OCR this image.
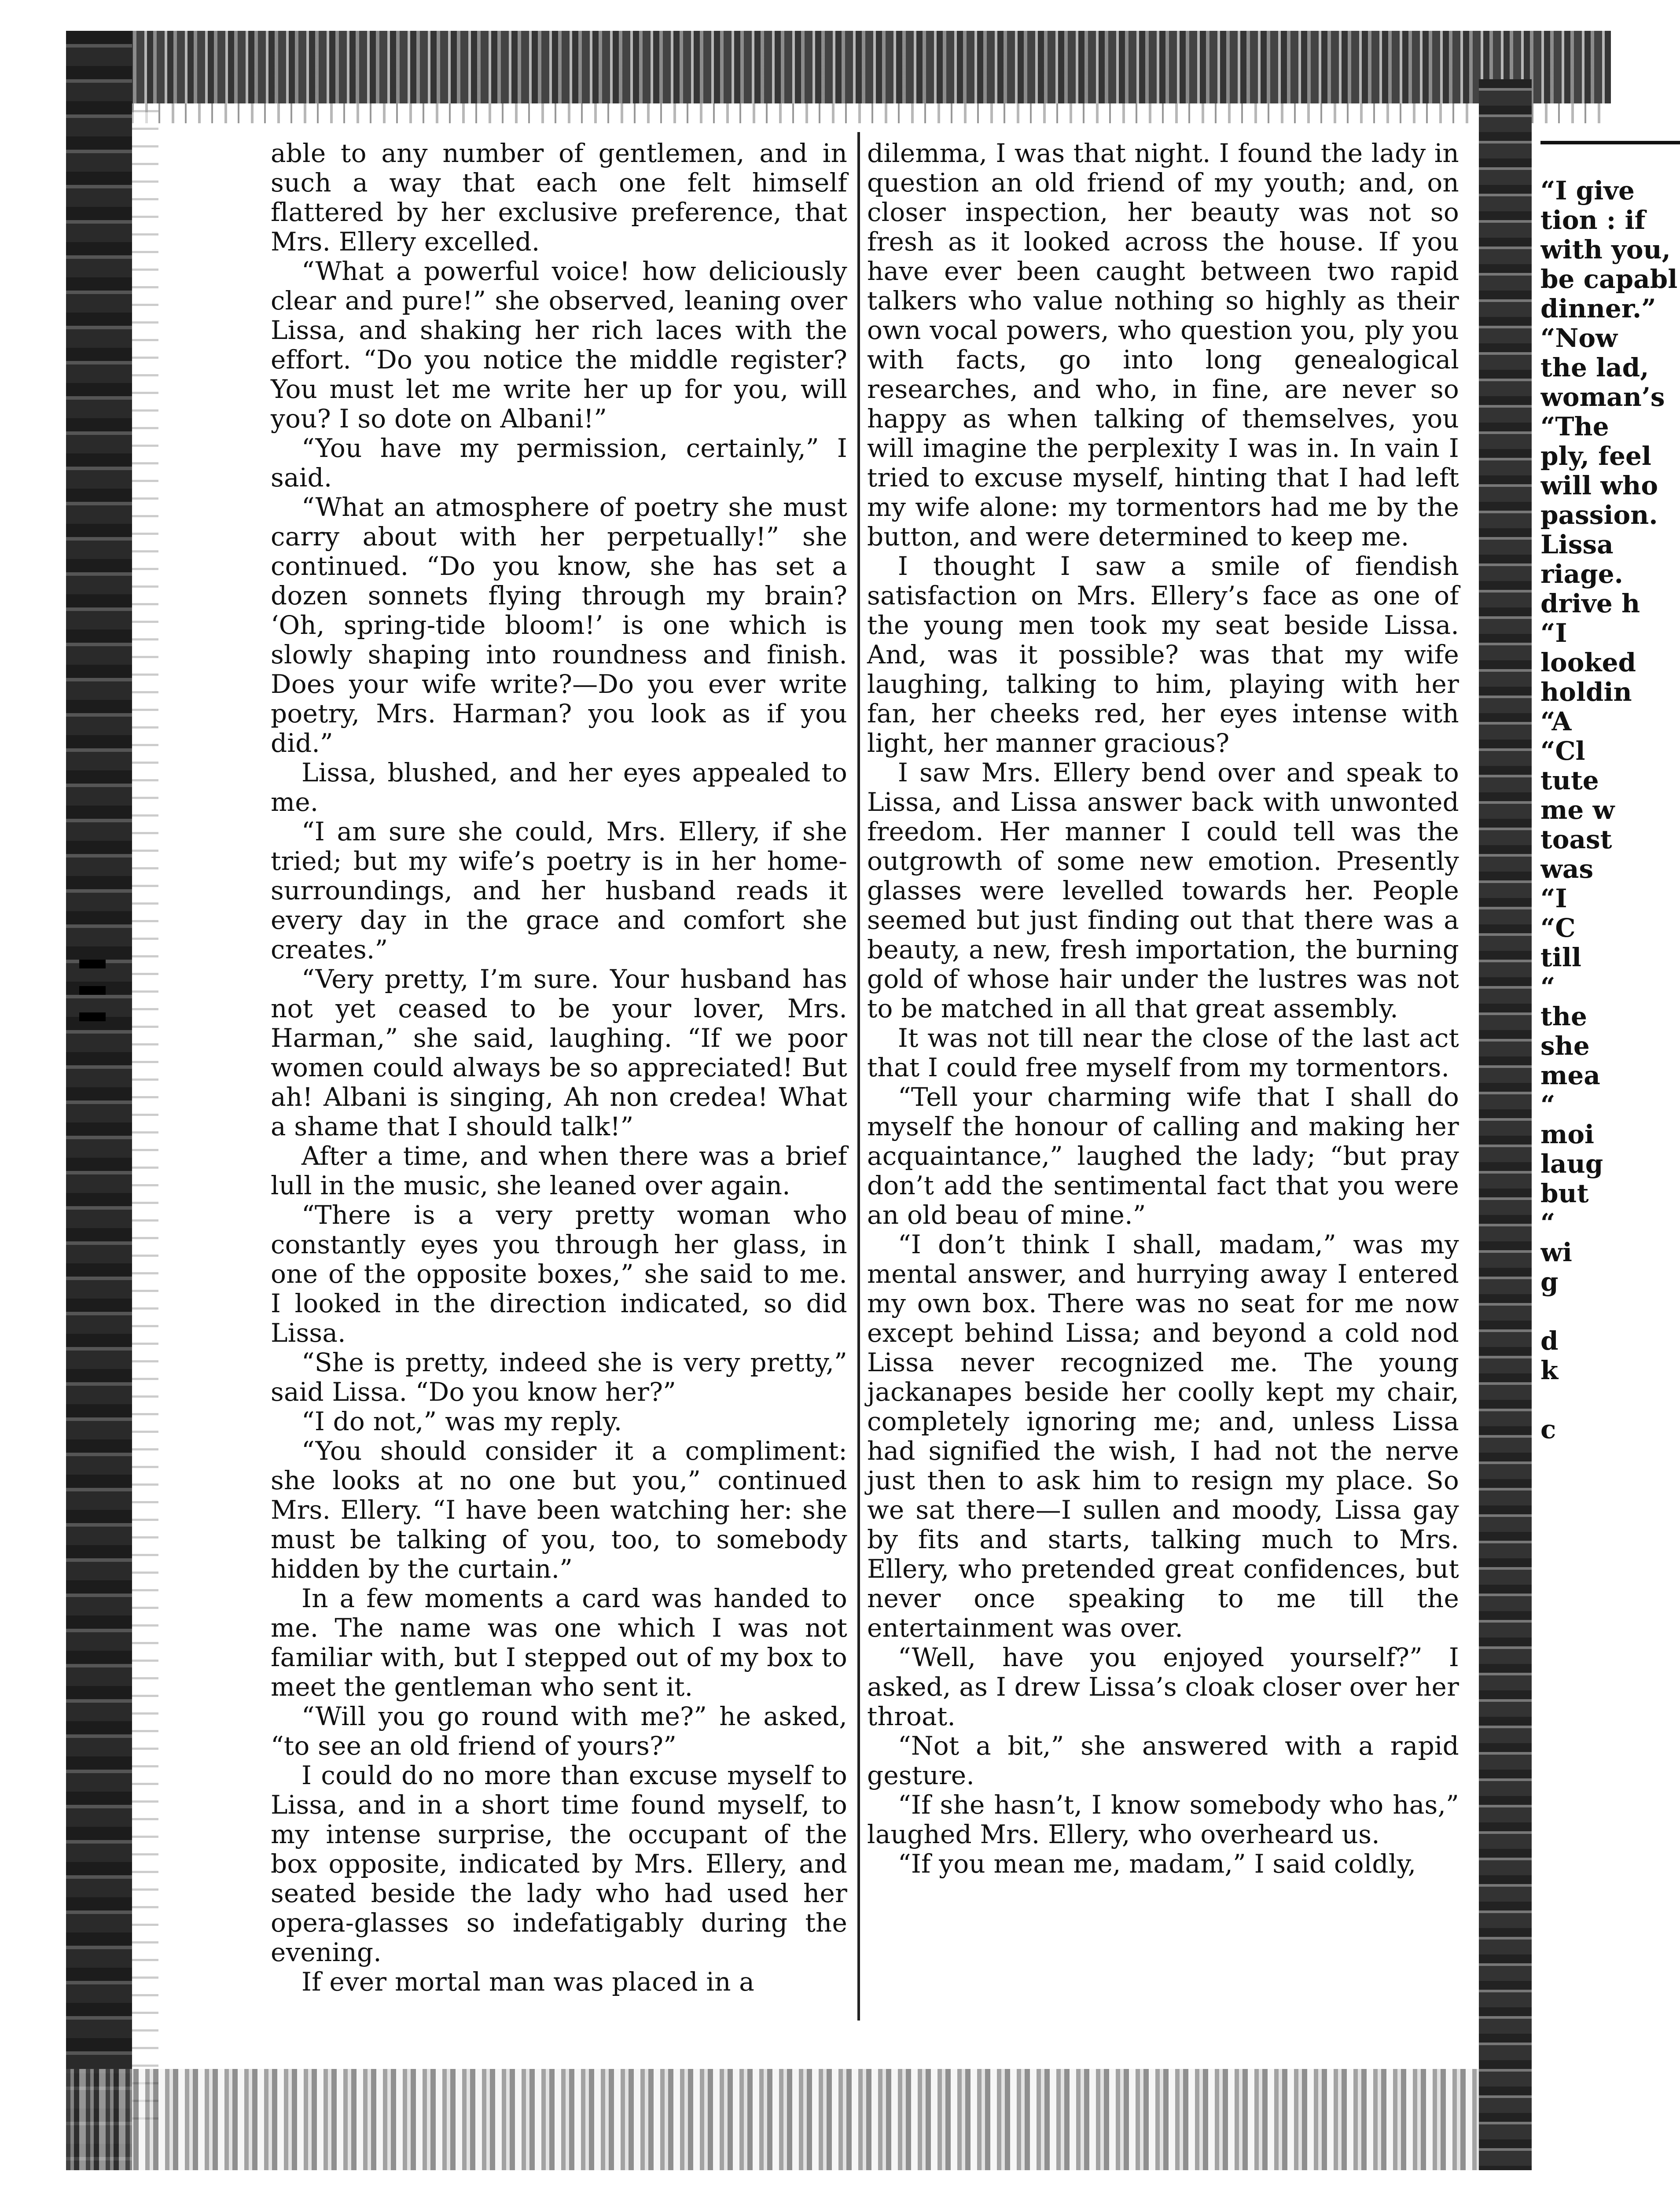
able to any number of gentlemen, and in such a way that each one felt himself flattered by her exclusive preference, that Mrs. Ellery excelled.

“What a powerful voice! how deliciously clear and pure!” she observed, leaning over Lissa, and shaking her rich laces with the effort. “Do you notice the middle register? You must let me write her up for you, will you? I so dote on Albani!”

“You have my permission, certainly,” I said.

“What an atmosphere of poetry she must carry about with her perpetually!” she continued. “Do you know, she has set a dozen sonnets flying through my brain? ‘Oh, spring-tide bloom!’ is one which is slowly shaping into roundness and finish. Does your wife write?—Do you ever write poetry, Mrs. Harman? you look as if you did.”

Lissa, blushed, and her eyes appealed to me.

“I am sure she could, Mrs. Ellery, if she tried; but my wife’s poetry is in her home-surroundings, and her husband reads it every day in the grace and comfort she creates.”

“Very pretty, I’m sure. Your husband has not yet ceased to be your lover, Mrs. Harman,” she said, laughing. “If we poor women could always be so appreciated! But ah! Albani is singing, Ah non credea! What a shame that I should talk!”

After a time, and when there was a brief lull in the music, she leaned over again.

“There is a very pretty woman who constantly eyes you through her glass, in one of the opposite boxes,” she said to me. I looked in the direction indicated, so did Lissa.

“She is pretty, indeed she is very pretty,” said Lissa. “Do you know her?”

“I do not,” was my reply.

“You should consider it a compliment: she looks at no one but you,” continued Mrs. Ellery. “I have been watching her: she must be talking of you, too, to somebody hidden by the curtain.”

In a few moments a card was handed to me. The name was one which I was not familiar with, but I stepped out of my box to meet the gentleman who sent it.

“Will you go round with me?” he asked, “to see an old friend of yours?”

I could do no more than excuse myself to Lissa, and in a short time found myself, to my intense surprise, the occupant of the box opposite, indicated by Mrs. Ellery, and seated beside the lady who had used her opera-glasses so indefatigably during the evening.

If ever mortal man was placed in a

dilemma, I was that night. I found the lady in question an old friend of my youth; and, on closer inspection, her beauty was not so fresh as it looked across the house. If you have ever been caught between two rapid talkers who value nothing so highly as their own vocal powers, who question you, ply you with facts, go into long genealogical researches, and who, in fine, are never so happy as when talking of themselves, you will imagine the perplexity I was in. In vain I tried to excuse myself, hinting that I had left my wife alone: my tormentors had me by the button, and were determined to keep me.

I thought I saw a smile of fiendish satisfaction on Mrs. Ellery’s face as one of the young men took my seat beside Lissa. And, was it possible? was that my wife laughing, talking to him, playing with her fan, her cheeks red, her eyes intense with light, her manner gracious?

I saw Mrs. Ellery bend over and speak to Lissa, and Lissa answer back with unwonted freedom. Her manner I could tell was the outgrowth of some new emotion. Presently glasses were levelled towards her. People seemed but just finding out that there was a beauty, a new, fresh importation, the burning gold of whose hair under the lustres was not to be matched in all that great assembly.

It was not till near the close of the last act that I could free myself from my tormentors.

“Tell your charming wife that I shall do myself the honour of calling and making her acquaintance,” laughed the lady; “but pray don’t add the sentimental fact that you were an old beau of mine.”

“I don’t think I shall, madam,” was my mental answer, and hurrying away I entered my own box. There was no seat for me now except behind Lissa; and beyond a cold nod Lissa never recognized me. The young jackanapes beside her coolly kept my chair, completely ignoring me; and, unless Lissa had signified the wish, I had not the nerve just then to ask him to resign my place. So we sat there—I sullen and moody, Lissa gay by fits and starts, talking much to Mrs. Ellery, who pretended great confidences, but never once speaking to me till the entertainment was over.

“Well, have you enjoyed yourself?” I asked, as I drew Lissa’s cloak closer over her throat.

“Not a bit,” she answered with a rapid gesture.

“If she hasn’t, I know somebody who has,” laughed Mrs. Ellery, who overheard us.

“If you mean me, madam,” I said coldly,

“I give
tion : if
with you,
be capabl
dinner.”
“Now
the lad,
woman’s
“The
ply, feel
will who
passion.
Lissa
riage.
drive h
“I
looked
holdin
“A
“Cl
tute
me w
toast
was
“I
“C
till
“
the
she
mea
“
moi
laug
but
“
wi
g
d
k
c
